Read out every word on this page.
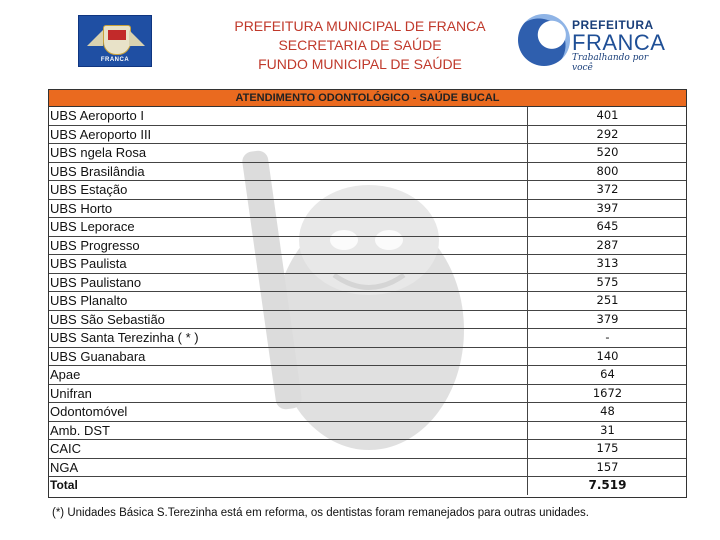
FRANCA
PREFEITURA MUNICIPAL DE FRANCA
SECRETARIA DE SAÚDE
FUNDO MUNICIPAL DE SAÚDE
PREFEITURA
FRANCA
Trabalhando por você
ATENDIMENTO ODONTOLÓGICO - SAÚDE BUCAL
UBS Aeroporto I	401
UBS Aeroporto III	292
UBS ngela Rosa	520
UBS Brasilândia	800
UBS Estação	372
UBS Horto	397
UBS Leporace	645
UBS Progresso	287
UBS Paulista	313
UBS Paulistano	575
UBS Planalto	251
UBS São Sebastião	379
UBS Santa Terezinha ( * )	-
UBS Guanabara	140
Apae	64
Unifran	1672
Odontomóvel	48
Amb. DST	31
CAIC	175
NGA	157
Total	7.519
(*) Unidades Básica S.Terezinha está em reforma, os dentistas foram remanejados para outras unidades.
